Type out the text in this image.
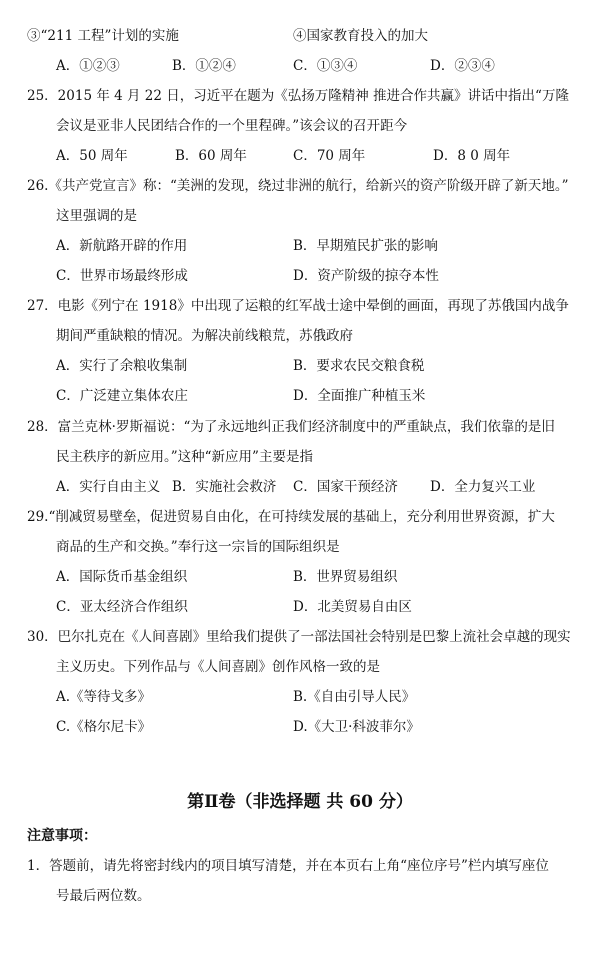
③“211 工程”计划的实施	④国家教育投入的加大
A．①②③	B．①②④	C．①③④	D．②③④
25．2015 年 4 月 22 日，习近平在题为《弘扬万隆精神 推进合作共赢》讲话中指出“万隆
会议是亚非人民团结合作的一个里程碑。”该会议的召开距今
A．50 周年	B．60 周年	C．70 周年	D．8 0 周年
26.《共产党宣言》称：“美洲的发现，绕过非洲的航行，给新兴的资产阶级开辟了新天地。”
这里强调的是
A．新航路开辟的作用	B．早期殖民扩张的影响
C．世界市场最终形成	D．资产阶级的掠夺本性
27．电影《列宁在 1918》中出现了运粮的红军战士途中晕倒的画面，再现了苏俄国内战争
期间严重缺粮的情况。为解决前线粮荒，苏俄政府
A．实行了余粮收集制	B．要求农民交粮食税
C．广泛建立集体农庄	D．全面推广种植玉米
28．富兰克林·罗斯福说：“为了永远地纠正我们经济制度中的严重缺点，我们依靠的是旧
民主秩序的新应用。”这种“新应用”主要是指
A．实行自由主义 B．实施社会救济 C．国家干预经济 D．全力复兴工业
29.“削减贸易壁垒，促进贸易自由化，在可持续发展的基础上，充分利用世界资源，扩大
商品的生产和交换。”奉行这一宗旨的国际组织是
A．国际货币基金组织	B．世界贸易组织
C．亚太经济合作组织	D．北美贸易自由区
30．巴尔扎克在《人间喜剧》里给我们提供了一部法国社会特别是巴黎上流社会卓越的现实
主义历史。下列作品与《人间喜剧》创作风格一致的是
A.《等待戈多》	B.《自由引导人民》
C.《格尔尼卡》	D.《大卫·科波菲尔》
第Ⅱ卷（非选择题 共 60 分）
注意事项：
1．答题前，请先将密封线内的项目填写清楚，并在本页右上角“座位序号”栏内填写座位
号最后两位数。
